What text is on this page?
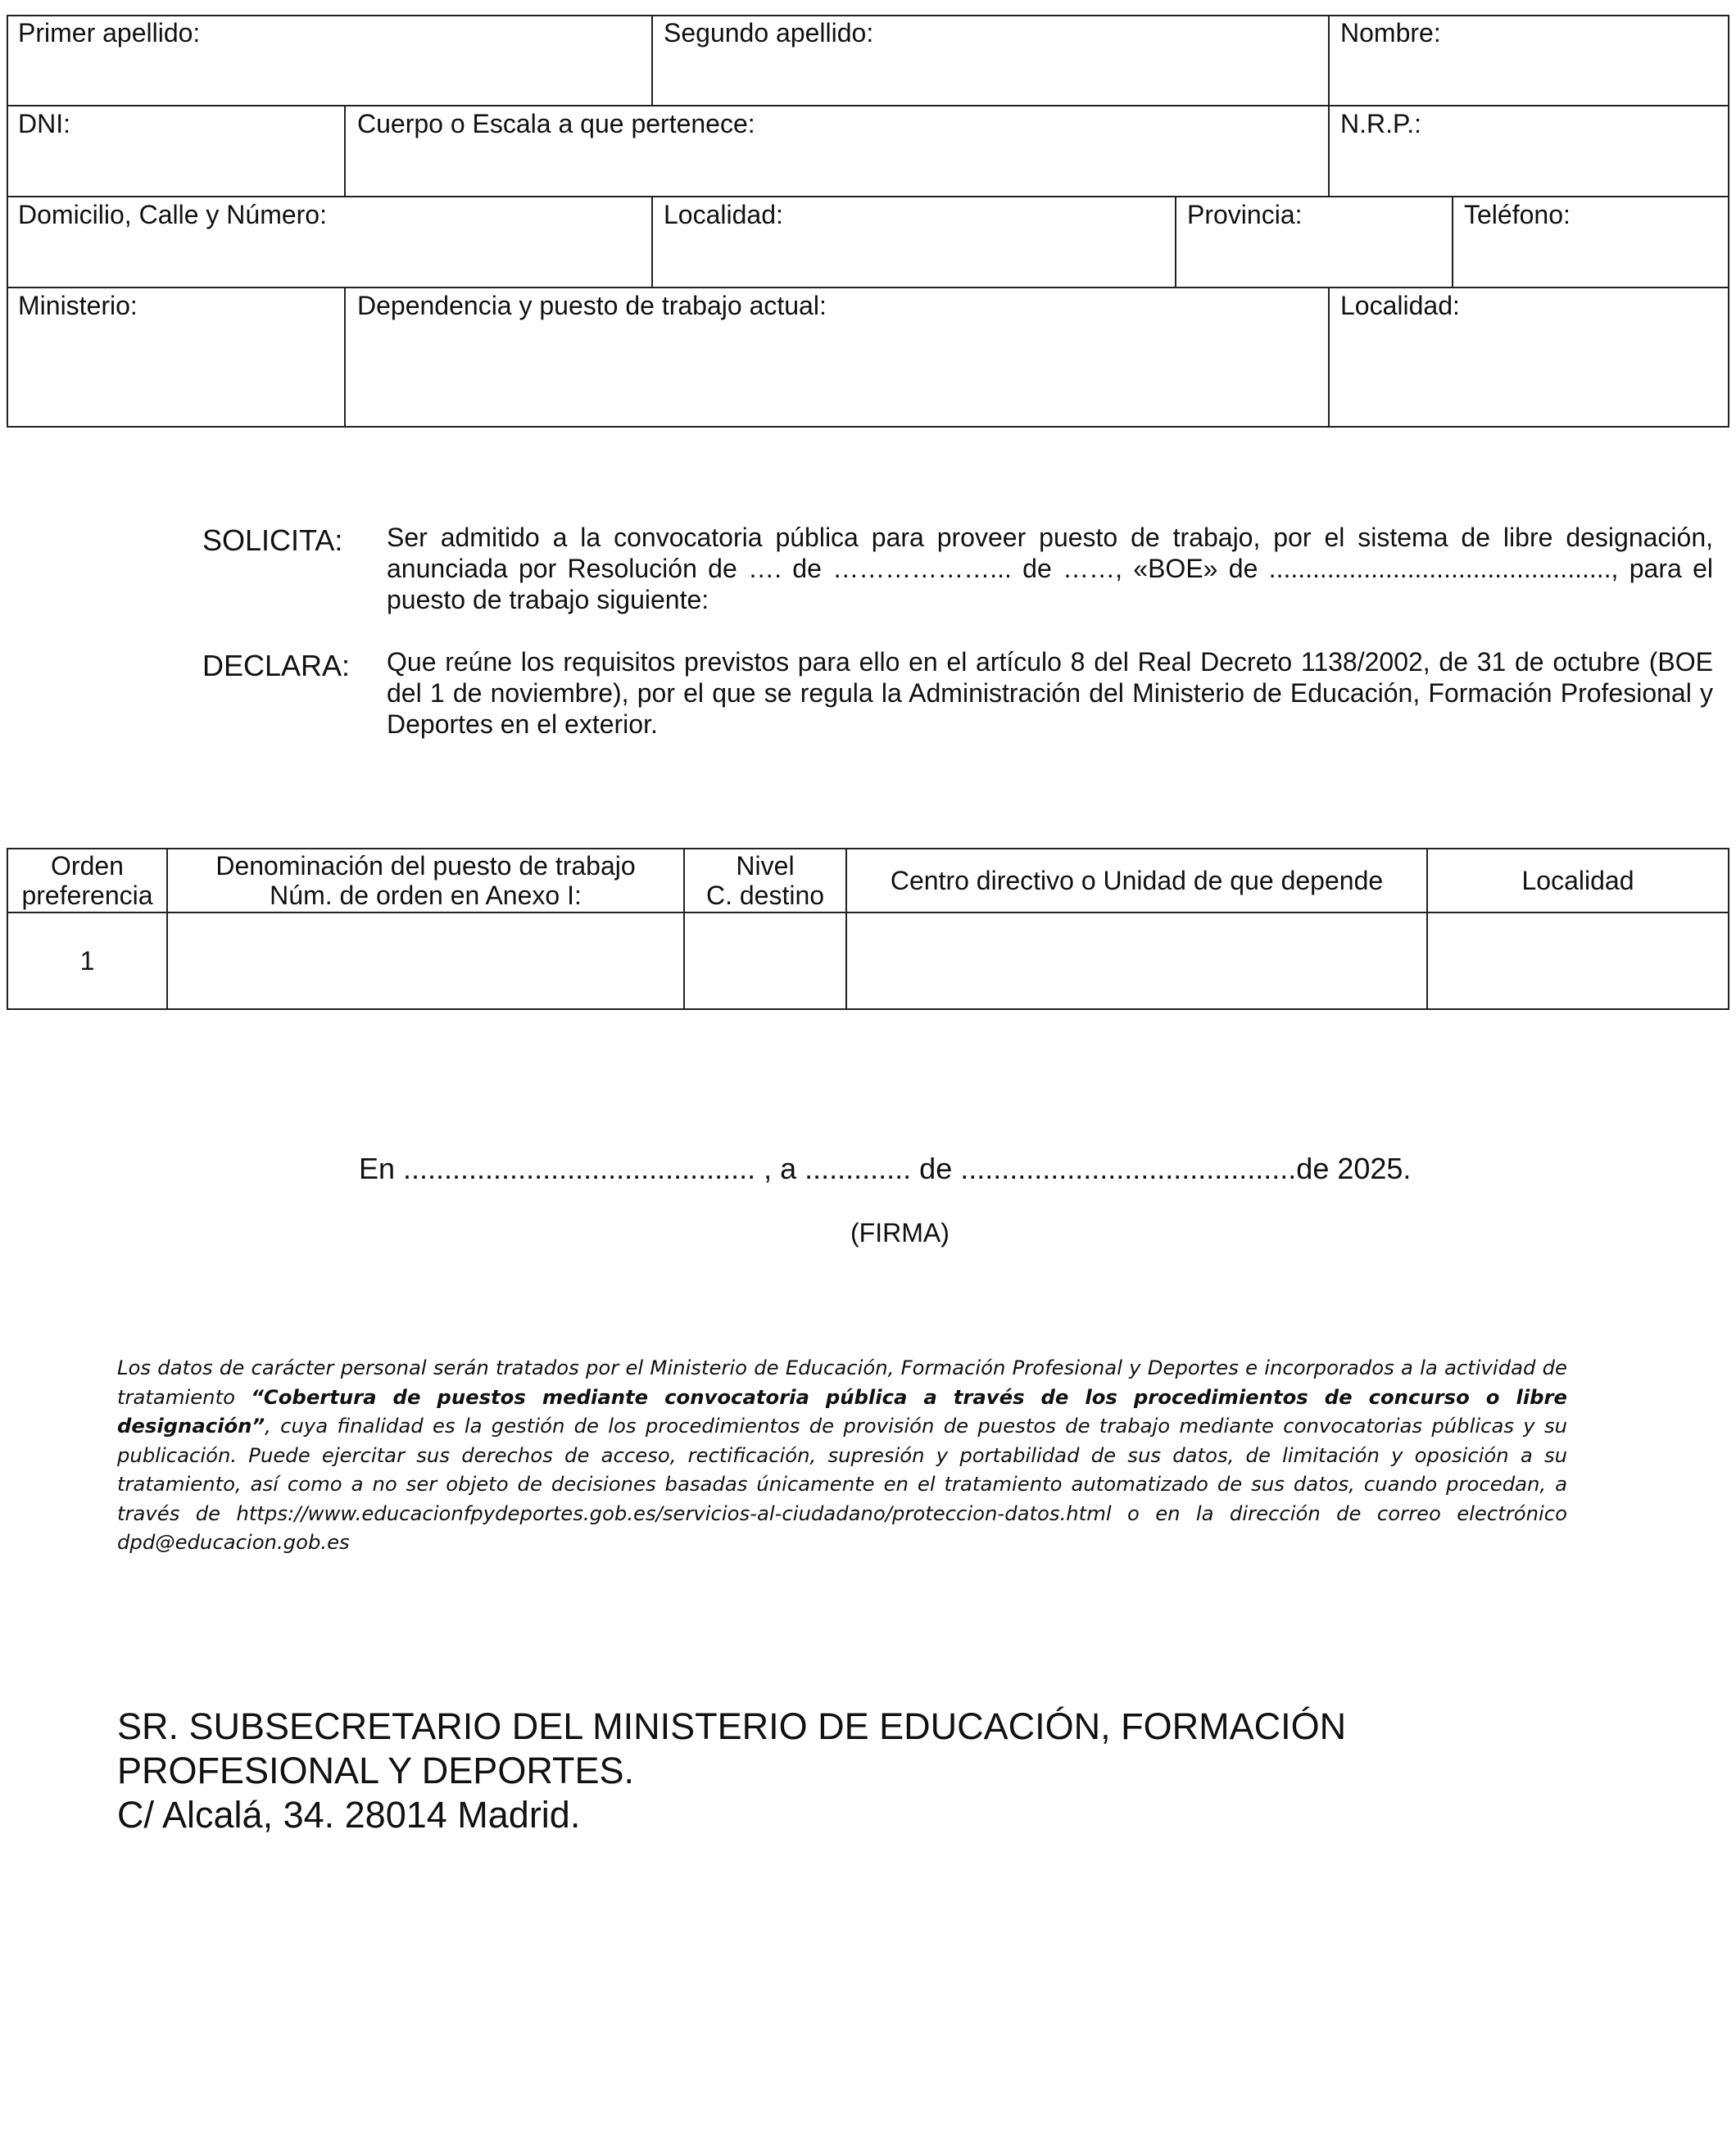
Primer apellido:	Segundo apellido:	Nombre:
DNI:	Cuerpo o Escala a que pertenece:	N.R.P.:
Domicilio, Calle y Número:	Localidad:	Provincia:	Teléfono:
Ministerio:	Dependencia y puesto de trabajo actual:	Localidad:
SOLICITA: Ser admitido a la convocatoria pública para proveer puesto de trabajo, por el sistema de libre designación, anunciada por Resolución de …. de ………………... de ……, «BOE» de ..............................................., para el puesto de trabajo siguiente:
DECLARA: Que reúne los requisitos previstos para ello en el artículo 8 del Real Decreto 1138/2002, de 31 de octubre (BOE del 1 de noviembre), por el que se regula la Administración del Ministerio de Educación, Formación Profesional y Deportes en el exterior.
Orden
preferencia
Denominación del puesto de trabajo
Núm. de orden en Anexo I:
Nivel
C. destino	Centro directivo o Unidad de que depende	Localidad
1
En ........................................... , a ............. de .........................................de 2025.
(FIRMA)
Los datos de carácter personal serán tratados por el Ministerio de Educación, Formación Profesional y Deportes e incorporados a la actividad de tratamiento “Cobertura de puestos mediante convocatoria pública a través de los procedimientos de concurso o libre designación”, cuya finalidad es la gestión de los procedimientos de provisión de puestos de trabajo mediante convocatorias públicas y su publicación. Puede ejercitar sus derechos de acceso, rectificación, supresión y portabilidad de sus datos, de limitación y oposición a su tratamiento, así como a no ser objeto de decisiones basadas únicamente en el tratamiento automatizado de sus datos, cuando procedan, a través de https://www.educacionfpydeportes.gob.es/servicios-al-ciudadano/proteccion-datos.html o en la dirección de correo electrónico dpd@educacion.gob.es
SR. SUBSECRETARIO DEL MINISTERIO DE EDUCACIÓN, FORMACIÓN
PROFESIONAL Y DEPORTES.
C/ Alcalá, 34. 28014 Madrid.
